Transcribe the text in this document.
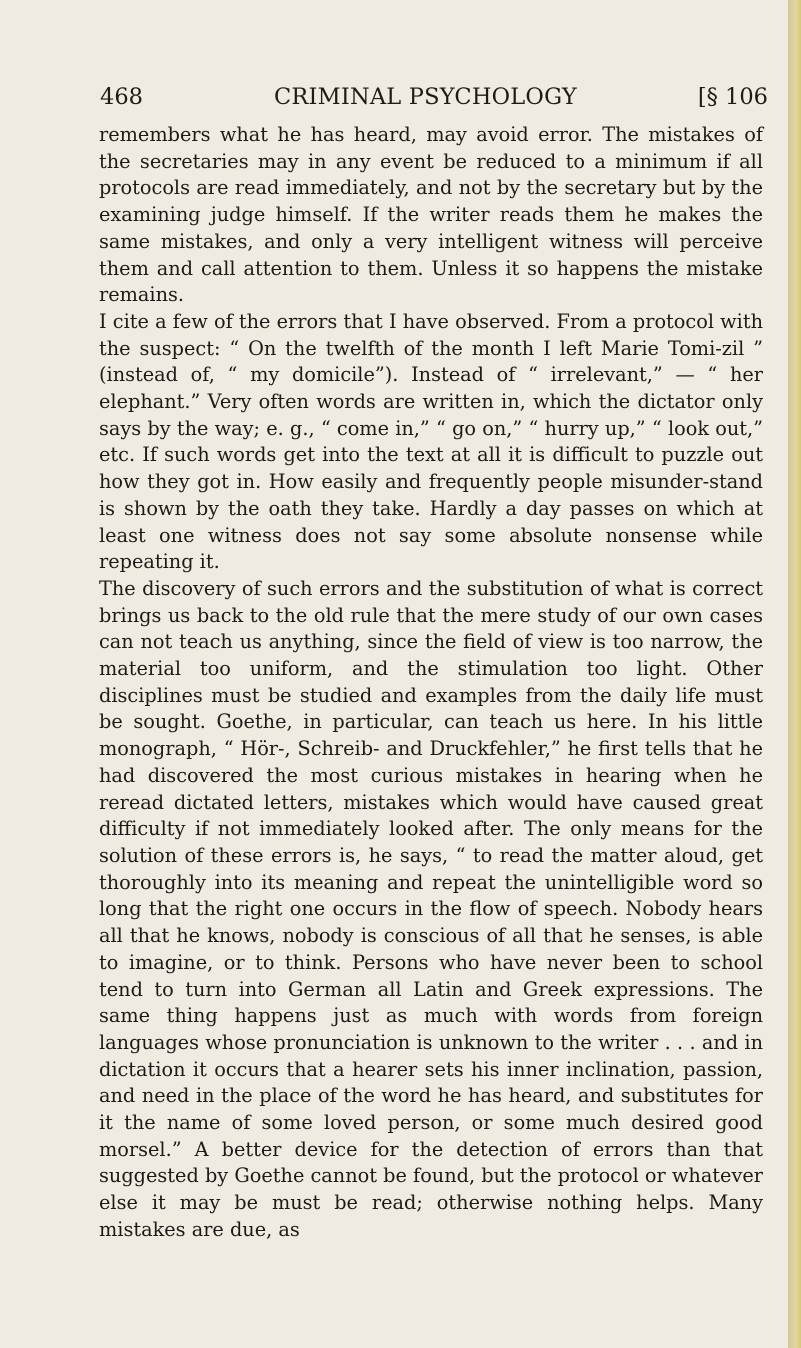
468	CRIMINAL PSYCHOLOGY	[§ 106

remembers what he has heard, may avoid error. The mistakes of the secretaries may in any event be reduced to a minimum if all protocols are read immediately, and not by the secretary but by the examining judge himself. If the writer reads them he makes the same mistakes, and only a very intelligent witness will perceive them and call attention to them. Unless it so happens the mistake remains.

I cite a few of the errors that I have observed. From a protocol with the suspect: “ On the twelfth of the month I left Marie Tomi-zil ” (instead of, “ my domicile”). Instead of “ irrelevant,” — “ her elephant.” Very often words are written in, which the dictator only says by the way; e. g., “ come in,” “ go on,” “ hurry up,” “ look out,” etc. If such words get into the text at all it is difficult to puzzle out how they got in. How easily and frequently people misunder-stand is shown by the oath they take. Hardly a day passes on which at least one witness does not say some absolute nonsense while repeating it.

The discovery of such errors and the substitution of what is correct brings us back to the old rule that the mere study of our own cases can not teach us anything, since the field of view is too narrow, the material too uniform, and the stimulation too light. Other disciplines must be studied and examples from the daily life must be sought. Goethe, in particular, can teach us here. In his little monograph, “ Hör-, Schreib- and Druckfehler,” he first tells that he had discovered the most curious mistakes in hearing when he reread dictated letters, mistakes which would have caused great difficulty if not immediately looked after. The only means for the solution of these errors is, he says, “ to read the matter aloud, get thoroughly into its meaning and repeat the unintelligible word so long that the right one occurs in the flow of speech. Nobody hears all that he knows, nobody is conscious of all that he senses, is able to imagine, or to think. Persons who have never been to school tend to turn into German all Latin and Greek expressions. The same thing happens just as much with words from foreign languages whose pronunciation is unknown to the writer . . . and in dictation it occurs that a hearer sets his inner inclination, passion, and need in the place of the word he has heard, and substitutes for it the name of some loved person, or some much desired good morsel.” A better device for the detection of errors than that suggested by Goethe cannot be found, but the protocol or whatever else it may be must be read; otherwise nothing helps. Many mistakes are due, as
